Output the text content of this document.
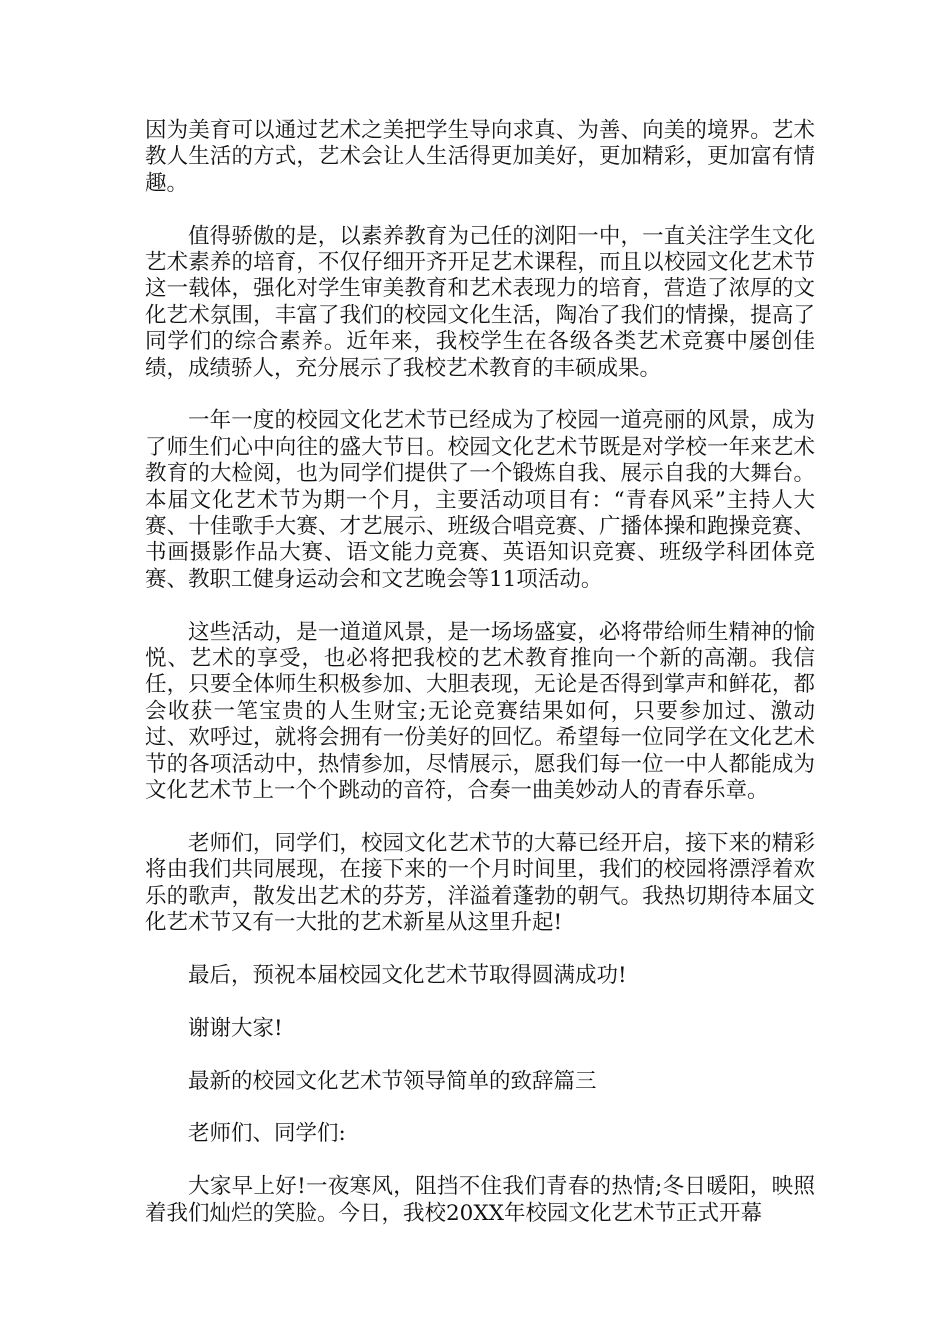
因为美育可以通过艺术之美把学生导向求真、为善、向美的境界。艺术教人生活的方式，艺术会让人生活得更加美好，更加精彩，更加富有情趣。

值得骄傲的是，以素养教育为己任的浏阳一中，一直关注学生文化艺术素养的培育，不仅仔细开齐开足艺术课程，而且以校园文化艺术节这一载体，强化对学生审美教育和艺术表现力的培育，营造了浓厚的文化艺术氛围，丰富了我们的校园文化生活，陶冶了我们的情操，提高了同学们的综合素养。近年来，我校学生在各级各类艺术竞赛中屡创佳绩，成绩骄人，充分展示了我校艺术教育的丰硕成果。

一年一度的校园文化艺术节已经成为了校园一道亮丽的风景，成为了师生们心中向往的盛大节日。校园文化艺术节既是对学校一年来艺术教育的大检阅，也为同学们提供了一个锻炼自我、展示自我的大舞台。本届文化艺术节为期一个月，主要活动项目有：“青春风采”主持人大赛、十佳歌手大赛、才艺展示、班级合唱竞赛、广播体操和跑操竞赛、书画摄影作品大赛、语文能力竞赛、英语知识竞赛、班级学科团体竞赛、教职工健身运动会和文艺晚会等11项活动。

这些活动，是一道道风景，是一场场盛宴，必将带给师生精神的愉悦、艺术的享受，也必将把我校的艺术教育推向一个新的高潮。我信任，只要全体师生积极参加、大胆表现，无论是否得到掌声和鲜花，都会收获一笔宝贵的人生财宝;无论竞赛结果如何，只要参加过、激动过、欢呼过，就将会拥有一份美好的回忆。希望每一位同学在文化艺术节的各项活动中，热情参加，尽情展示，愿我们每一位一中人都能成为文化艺术节上一个个跳动的音符，合奏一曲美妙动人的青春乐章。

老师们，同学们，校园文化艺术节的大幕已经开启，接下来的精彩将由我们共同展现，在接下来的一个月时间里，我们的校园将漂浮着欢乐的歌声，散发出艺术的芬芳，洋溢着蓬勃的朝气。我热切期待本届文化艺术节又有一大批的艺术新星从这里升起!

最后，预祝本届校园文化艺术节取得圆满成功!

谢谢大家!

最新的校园文化艺术节领导简单的致辞篇三

老师们、同学们:

大家早上好!一夜寒风，阻挡不住我们青春的热情;冬日暖阳，映照着我们灿烂的笑脸。今日，我校20XX年校园文化艺术节正式开幕
